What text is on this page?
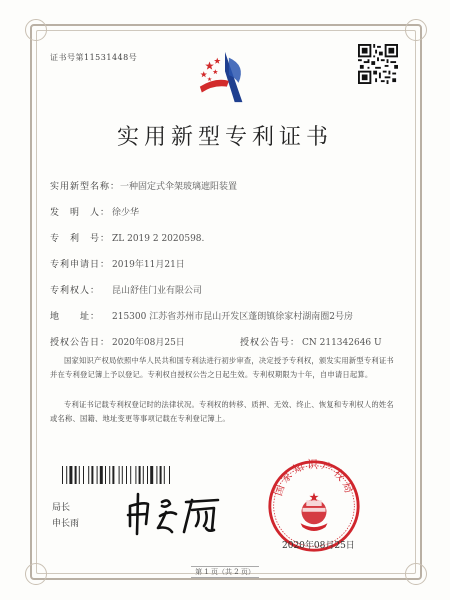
证书号第11531448号
实用新型专利证书
实用新型名称：一种固定式伞架玻璃遮阳装置
发　明　人： 徐少华
专　利　号： ZL 2019 2 2020598.
专利申请日： 2019年11月21日
专利权人： 昆山舒佳门业有限公司
地　　址： 215300 江苏省苏州市昆山开发区蓬朗镇徐家村湖南圈2号房
授权公告日： 2020年08月25日	授权公告号： CN 211342646 U

国家知识产权局依照中华人民共和国专利法进行初步审查，决定授予专利权，颁发实用新型专利证书并在专利登记簿上予以登记。专利权自授权公告之日起生效。专利权期限为十年，自申请日起算。

专利证书记载专利权登记时的法律状况。专利权的转移、质押、无效、终止、恢复和专利权人的姓名或名称、国籍、地址变更等事项记载在专利登记簿上。

局长
申长雨
国家知识产权局
2020年08月25日
第 1 页（共 2 页）
